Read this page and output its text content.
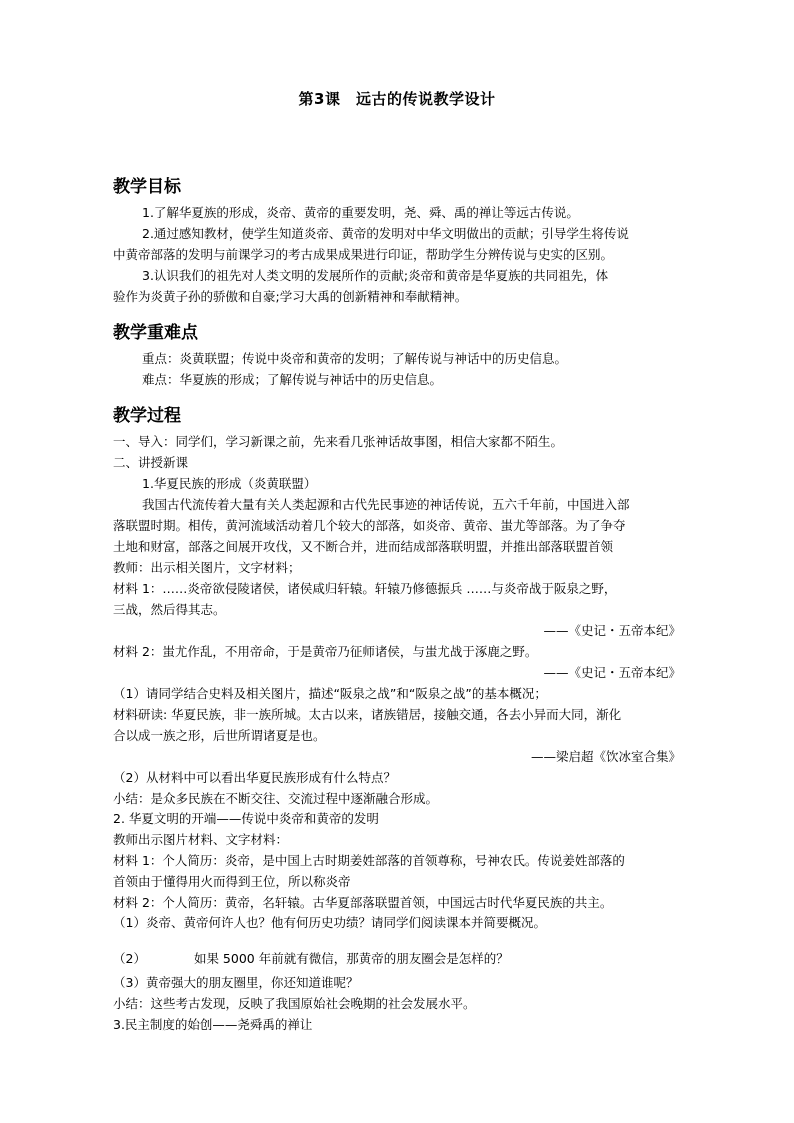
第3课　远古的传说教学设计
教学目标
1.了解华夏族的形成，炎帝、黄帝的重要发明，尧、舜、禹的禅让等远古传说。
2.通过感知教材，使学生知道炎帝、黄帝的发明对中华文明做出的贡献；引导学生将传说
中黄帝部落的发明与前课学习的考古成果成果进行印证，帮助学生分辨传说与史实的区别。
3.认识我们的祖先对人类文明的发展所作的贡献;炎帝和黄帝是华夏族的共同祖先，体
验作为炎黄子孙的骄傲和自豪;学习大禹的创新精神和奉献精神。
教学重难点
重点：炎黄联盟；传说中炎帝和黄帝的发明；了解传说与神话中的历史信息。
难点：华夏族的形成；了解传说与神话中的历史信息。
教学过程
一、导入：同学们，学习新课之前，先来看几张神话故事图，相信大家都不陌生。
二、讲授新课
1.华夏民族的形成（炎黄联盟）
我国古代流传着大量有关人类起源和古代先民事迹的神话传说，五六千年前，中国进入部
落联盟时期。相传，黄河流域活动着几个较大的部落，如炎帝、黄帝、蚩尤等部落。为了争夺
土地和财富，部落之间展开攻伐，又不断合并，进而结成部落联明盟，并推出部落联盟首领
教师：出示相关图片，文字材料；
材料 1：……炎帝欲侵陵诸侯，诸侯咸归轩辕。轩辕乃修德振兵 ……与炎帝战于阪泉之野，
三战，然后得其志。
——《史记・五帝本纪》
材料 2：蚩尤作乱，不用帝命，于是黄帝乃征师诸侯，与蚩尤战于涿鹿之野。
——《史记・五帝本纪》
（1）请同学结合史料及相关图片，描述“阪泉之战”和“阪泉之战”的基本概况；
材料研读: 华夏民族，非一族所城。太古以来，诸族错居，接触交通，各去小异而大同，渐化
合以成一族之形，后世所谓诸夏是也。
——梁启超《饮冰室合集》
（2）从材料中可以看出华夏民族形成有什么特点？
小结：是众多民族在不断交往、交流过程中逐渐融合形成。
2. 华夏文明的开端——传说中炎帝和黄帝的发明
教师出示图片材料、文字材料：
材料 1：个人简历：炎帝，是中国上古时期姜姓部落的首领尊称，号神农氏。传说姜姓部落的
首领由于懂得用火而得到王位，所以称炎帝
材料 2：个人简历：黄帝，名轩辕。古华夏部落联盟首领，中国远古时代华夏民族的共主。
（1）炎帝、黄帝何许人也？他有何历史功绩？请同学们阅读课本并简要概况。
（2）	如果 5000 年前就有微信，那黄帝的朋友圈会是怎样的？
（3）黄帝强大的朋友圈里，你还知道谁呢？
小结：这些考古发现，反映了我国原始社会晚期的社会发展水平。
3.民主制度的始创——尧舜禹的禅让
